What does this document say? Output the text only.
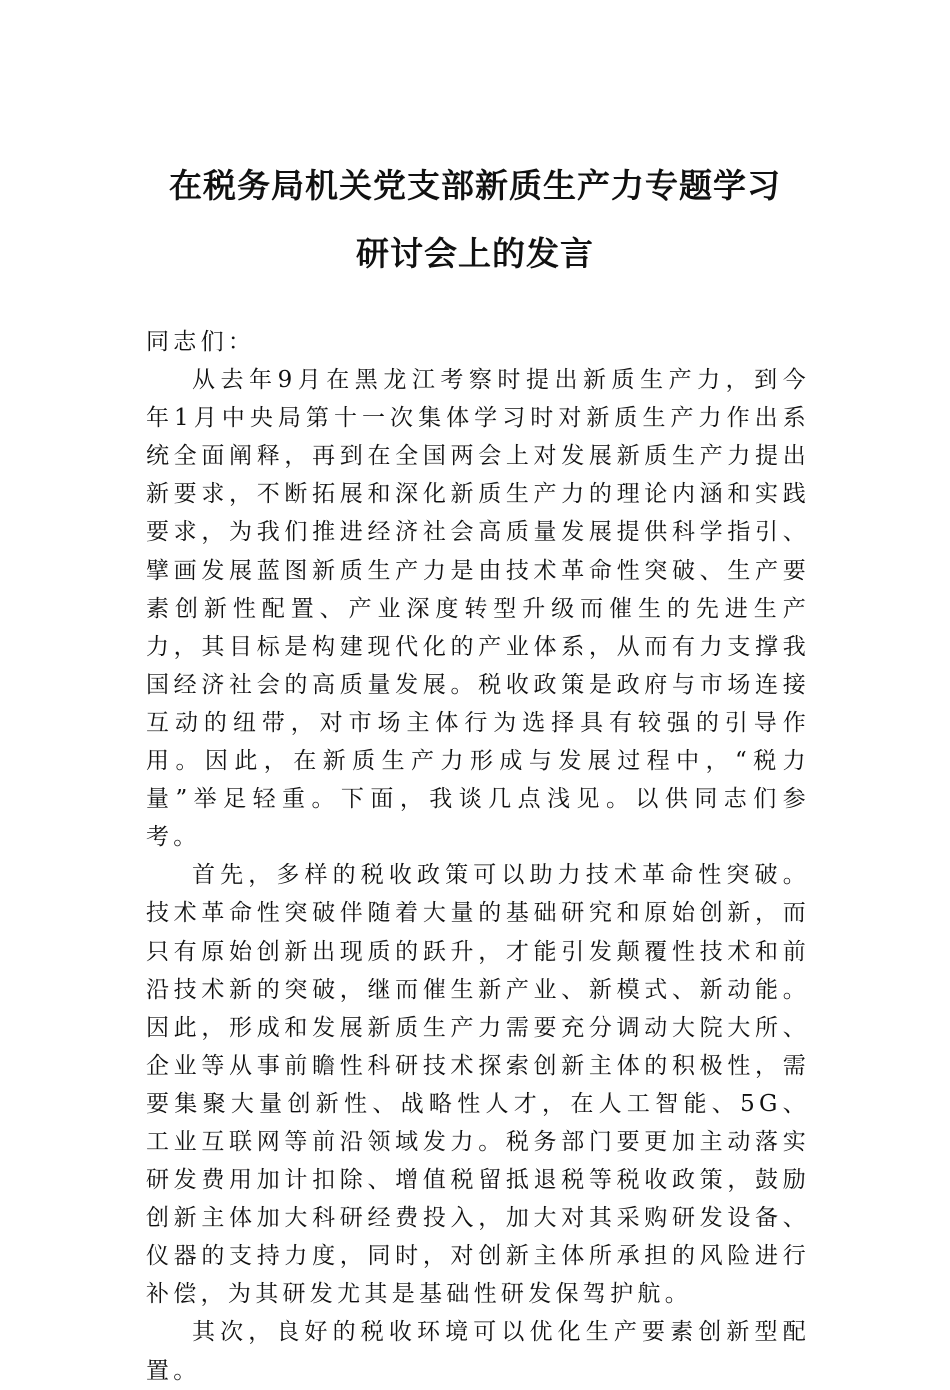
在税务局机关党支部新质生产力专题学习
研讨会上的发言

同志们：

从去年9月在黑龙江考察时提出新质生产力，到今年1月中央局第十一次集体学习时对新质生产力作出系统全面阐释，再到在全国两会上对发展新质生产力提出新要求，不断拓展和深化新质生产力的理论内涵和实践要求，为我们推进经济社会高质量发展提供科学指引、擘画发展蓝图新质生产力是由技术革命性突破、生产要素创新性配置、产业深度转型升级而催生的先进生产力，其目标是构建现代化的产业体系，从而有力支撑我国经济社会的高质量发展。税收政策是政府与市场连接互动的纽带，对市场主体行为选择具有较强的引导作用。因此，在新质生产力形成与发展过程中，“税力量”举足轻重。下面，我谈几点浅见。以供同志们参考。

首先，多样的税收政策可以助力技术革命性突破。技术革命性突破伴随着大量的基础研究和原始创新，而只有原始创新出现质的跃升，才能引发颠覆性技术和前沿技术新的突破，继而催生新产业、新模式、新动能。因此，形成和发展新质生产力需要充分调动大院大所、企业等从事前瞻性科研技术探索创新主体的积极性，需要集聚大量创新性、战略性人才，在人工智能、5G、工业互联网等前沿领域发力。税务部门要更加主动落实研发费用加计扣除、增值税留抵退税等税收政策，鼓励创新主体加大科研经费投入，加大对其采购研发设备、仪器的支持力度，同时，对创新主体所承担的风险进行补偿，为其研发尤其是基础性研发保驾护航。

其次，良好的税收环境可以优化生产要素创新型配置。
